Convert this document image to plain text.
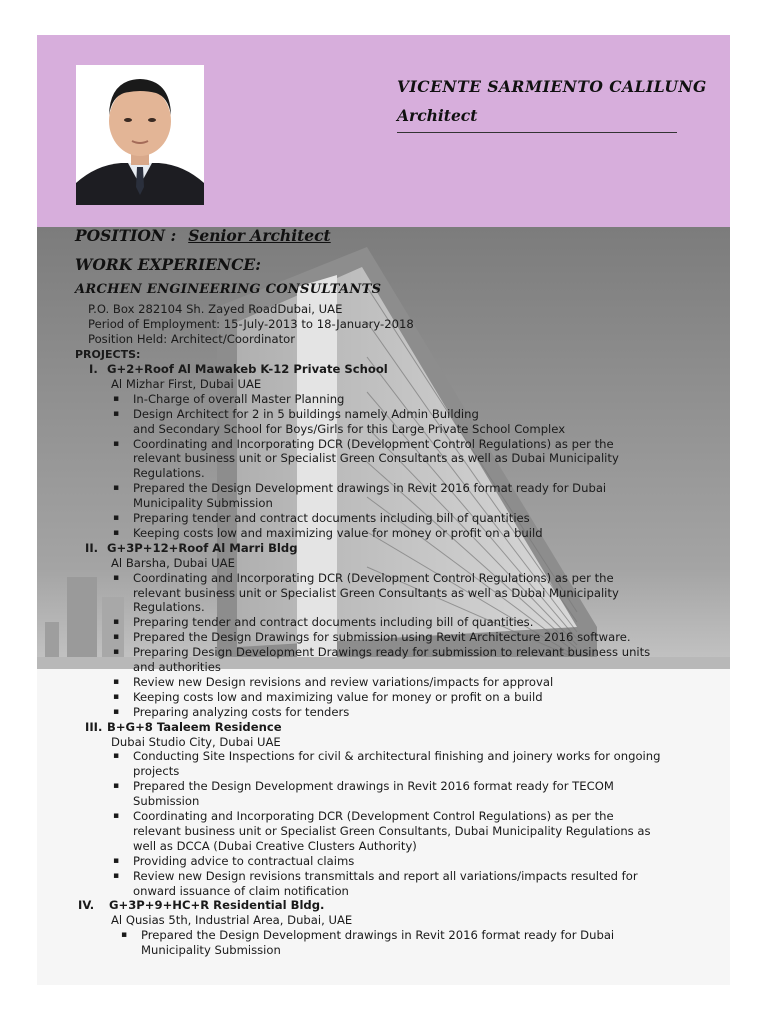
VICENTE SARMIENTO CALILUNG
Architect
POSITION : Senior Architect
WORK EXPERIENCE:
ARCHEN ENGINEERING CONSULTANTS
P.O. Box 282104 Sh. Zayed RoadDubai, UAE
Period of Employment: 15-July-2013 to 18-January-2018
Position Held: Architect/Coordinator
PROJECTS:
I. G+2+Roof Al Mawakeb K-12 Private School
Al Mizhar First, Dubai UAE
▪ In-Charge of overall Master Planning
▪ Design Architect for 2 in 5 buildings namely Admin Building
and Secondary School for Boys/Girls for this Large Private School Complex
▪ Coordinating and Incorporating DCR (Development Control Regulations) as per the
relevant business unit or Specialist Green Consultants as well as Dubai Municipality
Regulations.
▪ Prepared the Design Development drawings in Revit 2016 format ready for Dubai
Municipality Submission
▪ Preparing tender and contract documents including bill of quantities
▪ Keeping costs low and maximizing value for money or profit on a build
II. G+3P+12+Roof Al Marri Bldg
Al Barsha, Dubai UAE
▪ Coordinating and Incorporating DCR (Development Control Regulations) as per the
relevant business unit or Specialist Green Consultants as well as Dubai Municipality
Regulations.
▪ Preparing tender and contract documents including bill of quantities.
▪ Prepared the Design Drawings for submission using Revit Architecture 2016 software.
▪ Preparing Design Development Drawings ready for submission to relevant business units
and authorities
▪ Review new Design revisions and review variations/impacts for approval
▪ Keeping costs low and maximizing value for money or profit on a build
▪ Preparing analyzing costs for tenders
III. B+G+8 Taaleem Residence
Dubai Studio City, Dubai UAE
▪ Conducting Site Inspections for civil & architectural finishing and joinery works for ongoing
projects
▪ Prepared the Design Development drawings in Revit 2016 format ready for TECOM
Submission
▪ Coordinating and Incorporating DCR (Development Control Regulations) as per the
relevant business unit or Specialist Green Consultants, Dubai Municipality Regulations as
well as DCCA (Dubai Creative Clusters Authority)
▪ Providing advice to contractual claims
▪ Review new Design revisions transmittals and report all variations/impacts resulted for
onward issuance of claim notification
IV. G+3P+9+HC+R Residential Bldg.
Al Qusias 5th, Industrial Area, Dubai, UAE
▪ Prepared the Design Development drawings in Revit 2016 format ready for Dubai
Municipality Submission
